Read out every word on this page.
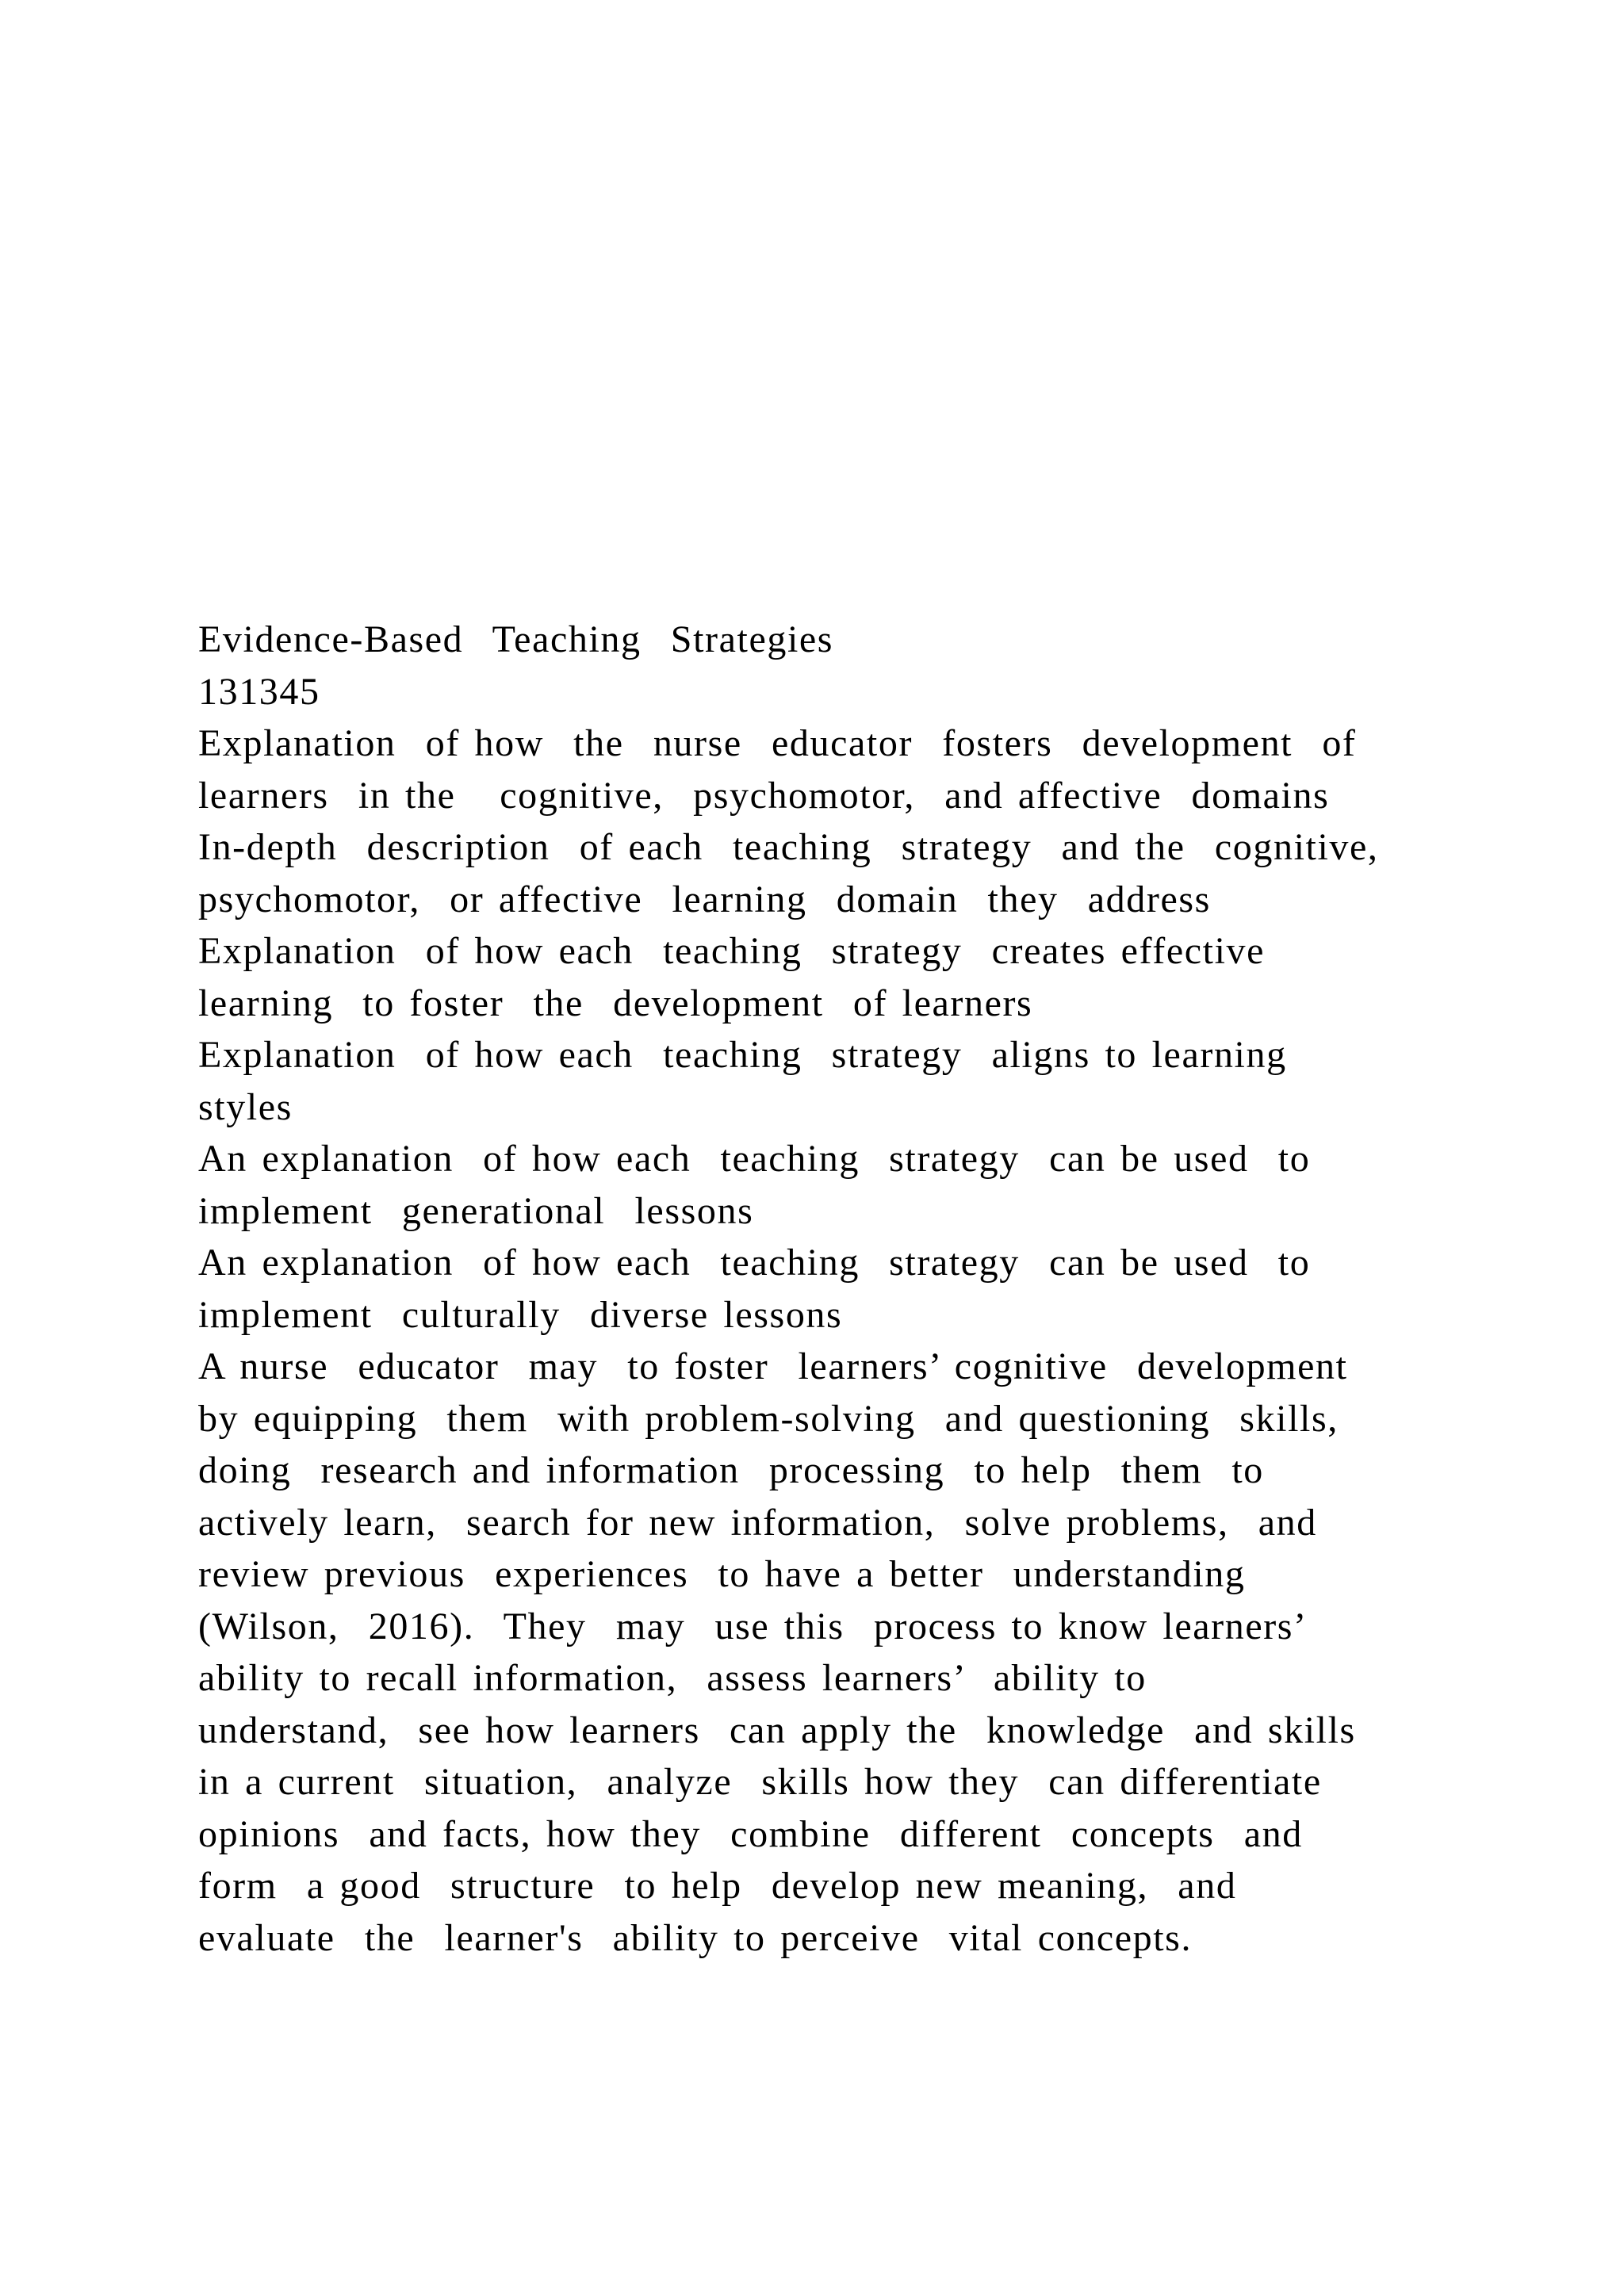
Evidence-Based  Teaching  Strategies
131345
Explanation  of how  the  nurse  educator  fosters  development  of
learners  in the   cognitive,  psychomotor,  and affective  domains
In-depth  description  of each  teaching  strategy  and the  cognitive,
psychomotor,  or affective  learning  domain  they  address
Explanation  of how each  teaching  strategy  creates effective
learning  to foster  the  development  of learners
Explanation  of how each  teaching  strategy  aligns to learning
styles
An explanation  of how each  teaching  strategy  can be used  to
implement  generational  lessons
An explanation  of how each  teaching  strategy  can be used  to
implement  culturally  diverse lessons
A nurse  educator  may  to foster  learners’ cognitive  development
by equipping  them  with problem-solving  and questioning  skills,
doing  research and information  processing  to help  them  to
actively learn,  search for new information,  solve problems,  and
review previous  experiences  to have a better  understanding
(Wilson,  2016).  They  may  use this  process to know learners’
ability to recall information,  assess learners’  ability to
understand,  see how learners  can apply the  knowledge  and skills
in a current  situation,  analyze  skills how they  can differentiate
opinions  and facts, how they  combine  different  concepts  and
form  a good  structure  to help  develop new meaning,  and
evaluate  the  learner's  ability to perceive  vital concepts.
